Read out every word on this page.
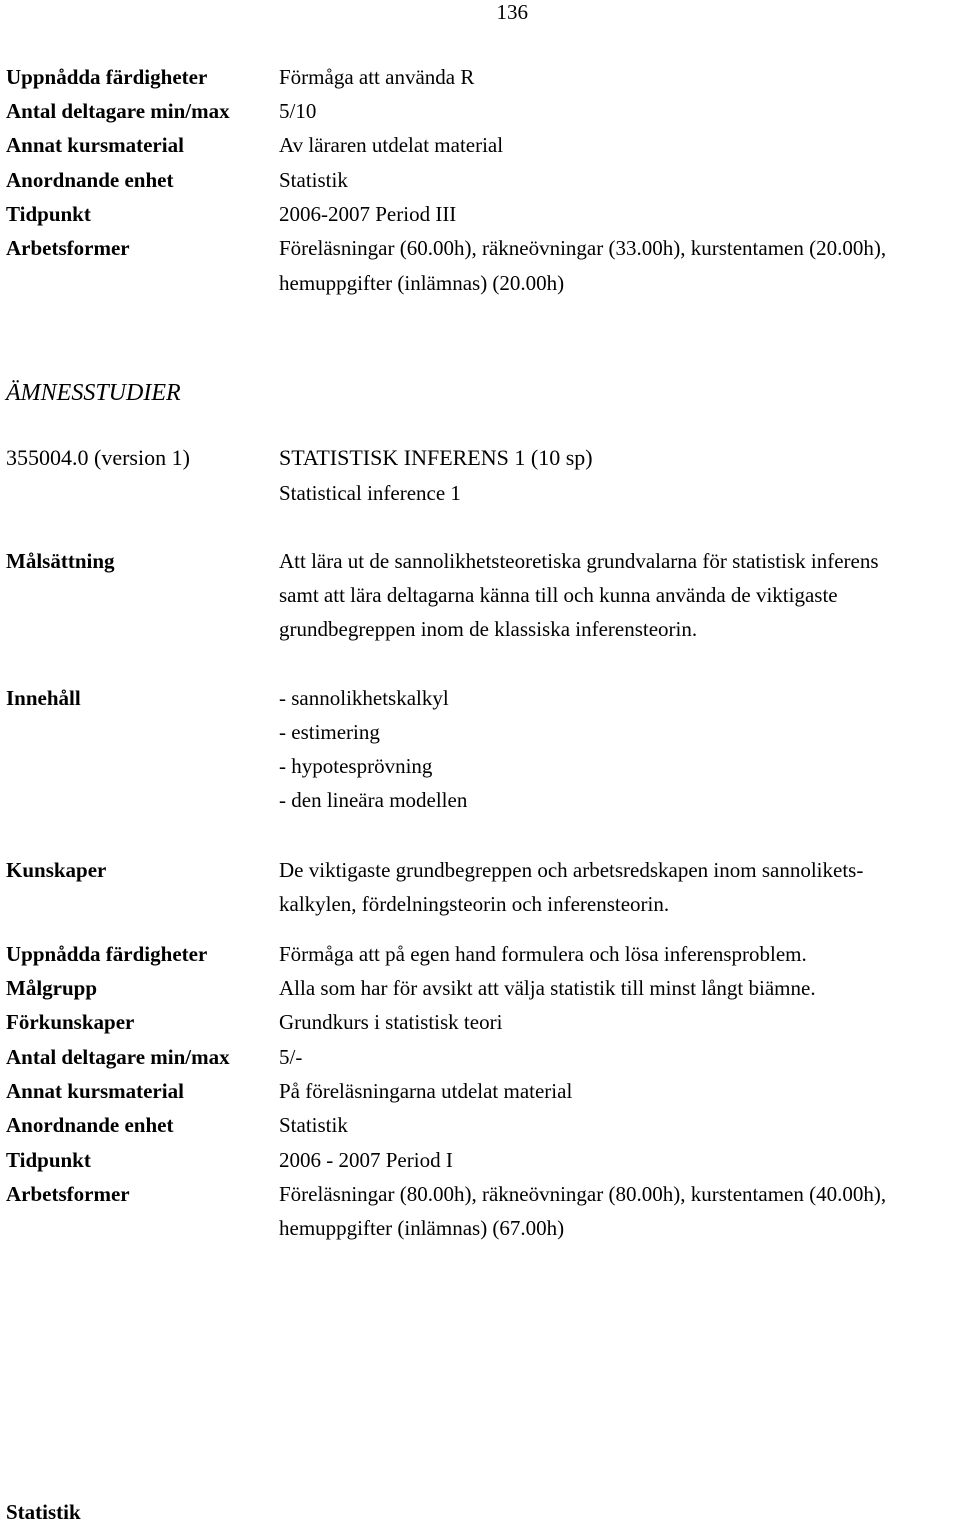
136
Uppnådda färdigheter	Förmåga att använda R
Antal deltagare min/max 5/10
Annat kursmaterial	Av läraren utdelat material
Anordnande enhet	Statistik
Tidpunkt	2006-2007 Period III
Arbetsformer	Föreläsningar (60.00h), räkneövningar (33.00h), kurstentamen (20.00h),
hemuppgifter (inlämnas) (20.00h)
ÄMNESSTUDIER
355004.0 (version 1)	STATISTISK INFERENS 1 (10 sp)
Statistical inference 1
Målsättning	Att lära ut de sannolikhetsteoretiska grundvalarna för statistisk inferens
samt att lära deltagarna känna till och kunna använda de viktigaste
grundbegreppen inom de klassiska inferensteorin.
Innehåll	- sannolikhetskalkyl
- estimering
- hypotesprövning
- den lineära modellen
Kunskaper	De viktigaste grundbegreppen och arbetsredskapen inom sannolikets-
kalkylen, fördelningsteorin och inferensteorin.
Uppnådda färdigheter	Förmåga att på egen hand formulera och lösa inferensproblem.
Målgrupp	Alla som har för avsikt att välja statistik till minst långt biämne.
Förkunskaper	Grundkurs i statistisk teori
Antal deltagare min/max 5/-
Annat kursmaterial	På föreläsningarna utdelat material
Anordnande enhet	Statistik
Tidpunkt	2006 - 2007 Period I
Arbetsformer	Föreläsningar (80.00h), räkneövningar (80.00h), kurstentamen (40.00h),
hemuppgifter (inlämnas) (67.00h)
Statistik
